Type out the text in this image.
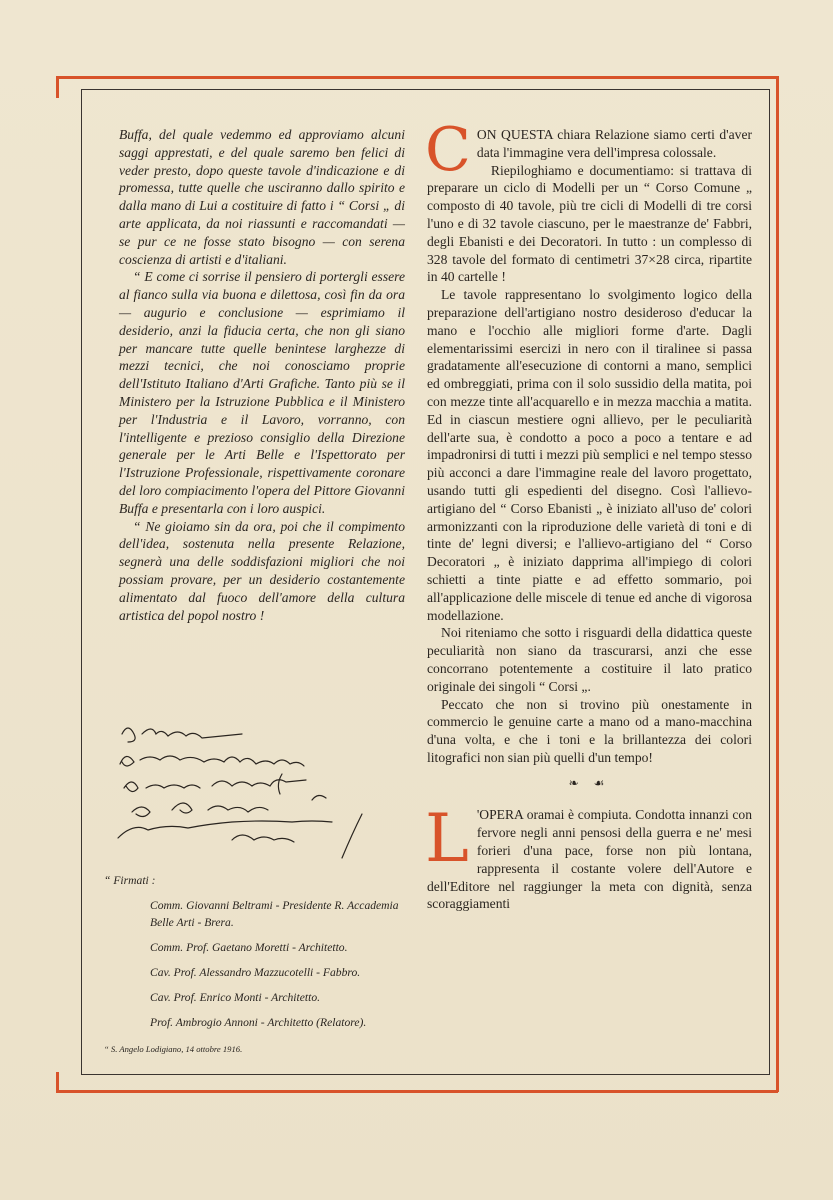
Buffa, del quale vedemmo ed approviamo alcuni saggi apprestati, e del quale saremo ben felici di veder presto, dopo queste tavole d'indicazione e di promessa, tutte quelle che usciranno dallo spirito e dalla mano di Lui a costituire di fatto i “ Corsi „ di arte applicata, da noi riassunti e raccomandati — se pur ce ne fosse stato bisogno — con serena coscienza di artisti e d'italiani.

“ E come ci sorrise il pensiero di portergli essere al fianco sulla via buona e dilettosa, così fin da ora — augurio e conclusione — esprimiamo il desiderio, anzi la fiducia certa, che non gli siano per mancare tutte quelle benintese larghezze di mezzi tecnici, che noi conosciamo proprie dell'Istituto Italiano d'Arti Grafiche. Tanto più se il Ministero per la Istruzione Pubblica e il Ministero per l'Industria e il Lavoro, vorranno, con l'intelligente e prezioso consiglio della Direzione generale per le Arti Belle e l'Ispettorato per l'Istruzione Professionale, rispettivamente coronare del loro compiacimento l'opera del Pittore Giovanni Buffa e presentarla con i loro auspici.

“ Ne gioiamo sin da ora, poi che il compimento dell'idea, sostenuta nella presente Relazione, segnerà una delle soddisfazioni migliori che noi possiam provare, per un desiderio costantemente alimentato dal fuoco dell'amore della cultura artistica del popol nostro !

“ Firmati :

Comm. Giovanni Beltrami - Presidente R. Accademia Belle Arti - Brera.

Comm. Prof. Gaetano Moretti - Architetto.

Cav. Prof. Alessandro Mazzucotelli - Fabbro.

Cav. Prof. Enrico Monti - Architetto.

Prof. Ambrogio Annoni - Architetto (Relatore).

“ S. Angelo Lodigiano, 14 ottobre 1916.

CON QUESTA chiara Relazione siamo certi d'aver data l'immagine vera dell'impresa colossale.

Riepiloghiamo e documentiamo: si trattava di preparare un ciclo di Modelli per un “ Corso Comune „ composto di 40 tavole, più tre cicli di Modelli di tre corsi l'uno e di 32 tavole ciascuno, per le maestranze de' Fabbri, degli Ebanisti e dei Decoratori. In tutto : un complesso di 328 tavole del formato di centimetri 37×28 circa, ripartite in 40 cartelle !

Le tavole rappresentano lo svolgimento logico della preparazione dell'artigiano nostro desideroso d'educar la mano e l'occhio alle migliori forme d'arte. Dagli elementarissimi esercizi in nero con il tiralinee si passa gradatamente all'esecuzione di contorni a mano, semplici ed ombreggiati, prima con il solo sussidio della matita, poi con mezze tinte all'acquarello e in mezza macchia a matita. Ed in ciascun mestiere ogni allievo, per le peculiarità dell'arte sua, è condotto a poco a poco a tentare e ad impadronirsi di tutti i mezzi più semplici e nel tempo stesso più acconci a dare l'immagine reale del lavoro progettato, usando tutti gli espedienti del disegno. Così l'allievo-artigiano del “ Corso Ebanisti „ è iniziato all'uso de' colori armonizzanti con la riproduzione delle varietà di toni e di tinte de' legni diversi; e l'allievo-artigiano del “ Corso Decoratori „ è iniziato dapprima all'impiego di colori schietti a tinte piatte e ad effetto sommario, poi all'applicazione delle miscele di tenue ed anche di vigorosa modellazione.

Noi riteniamo che sotto i risguardi della didattica queste peculiarità non siano da trascurarsi, anzi che esse concorrano potentemente a costituire il lato pratico originale dei singoli “ Corsi „.

Peccato che non si trovino più onestamente in commercio le genuine carte a mano od a mano-macchina d'una volta, e che i toni e la brillantezza dei colori litografici non sian più quelli d'un tempo!

❧ ☙

L 'OPERA oramai è compiuta. Condotta innanzi con fervore negli anni pensosi della guerra e ne' mesi forieri d'una pace, forse non più lontana, rappresenta il costante volere dell'Autore e dell'Editore nel raggiunger la meta con dignità, senza scoraggiamenti
